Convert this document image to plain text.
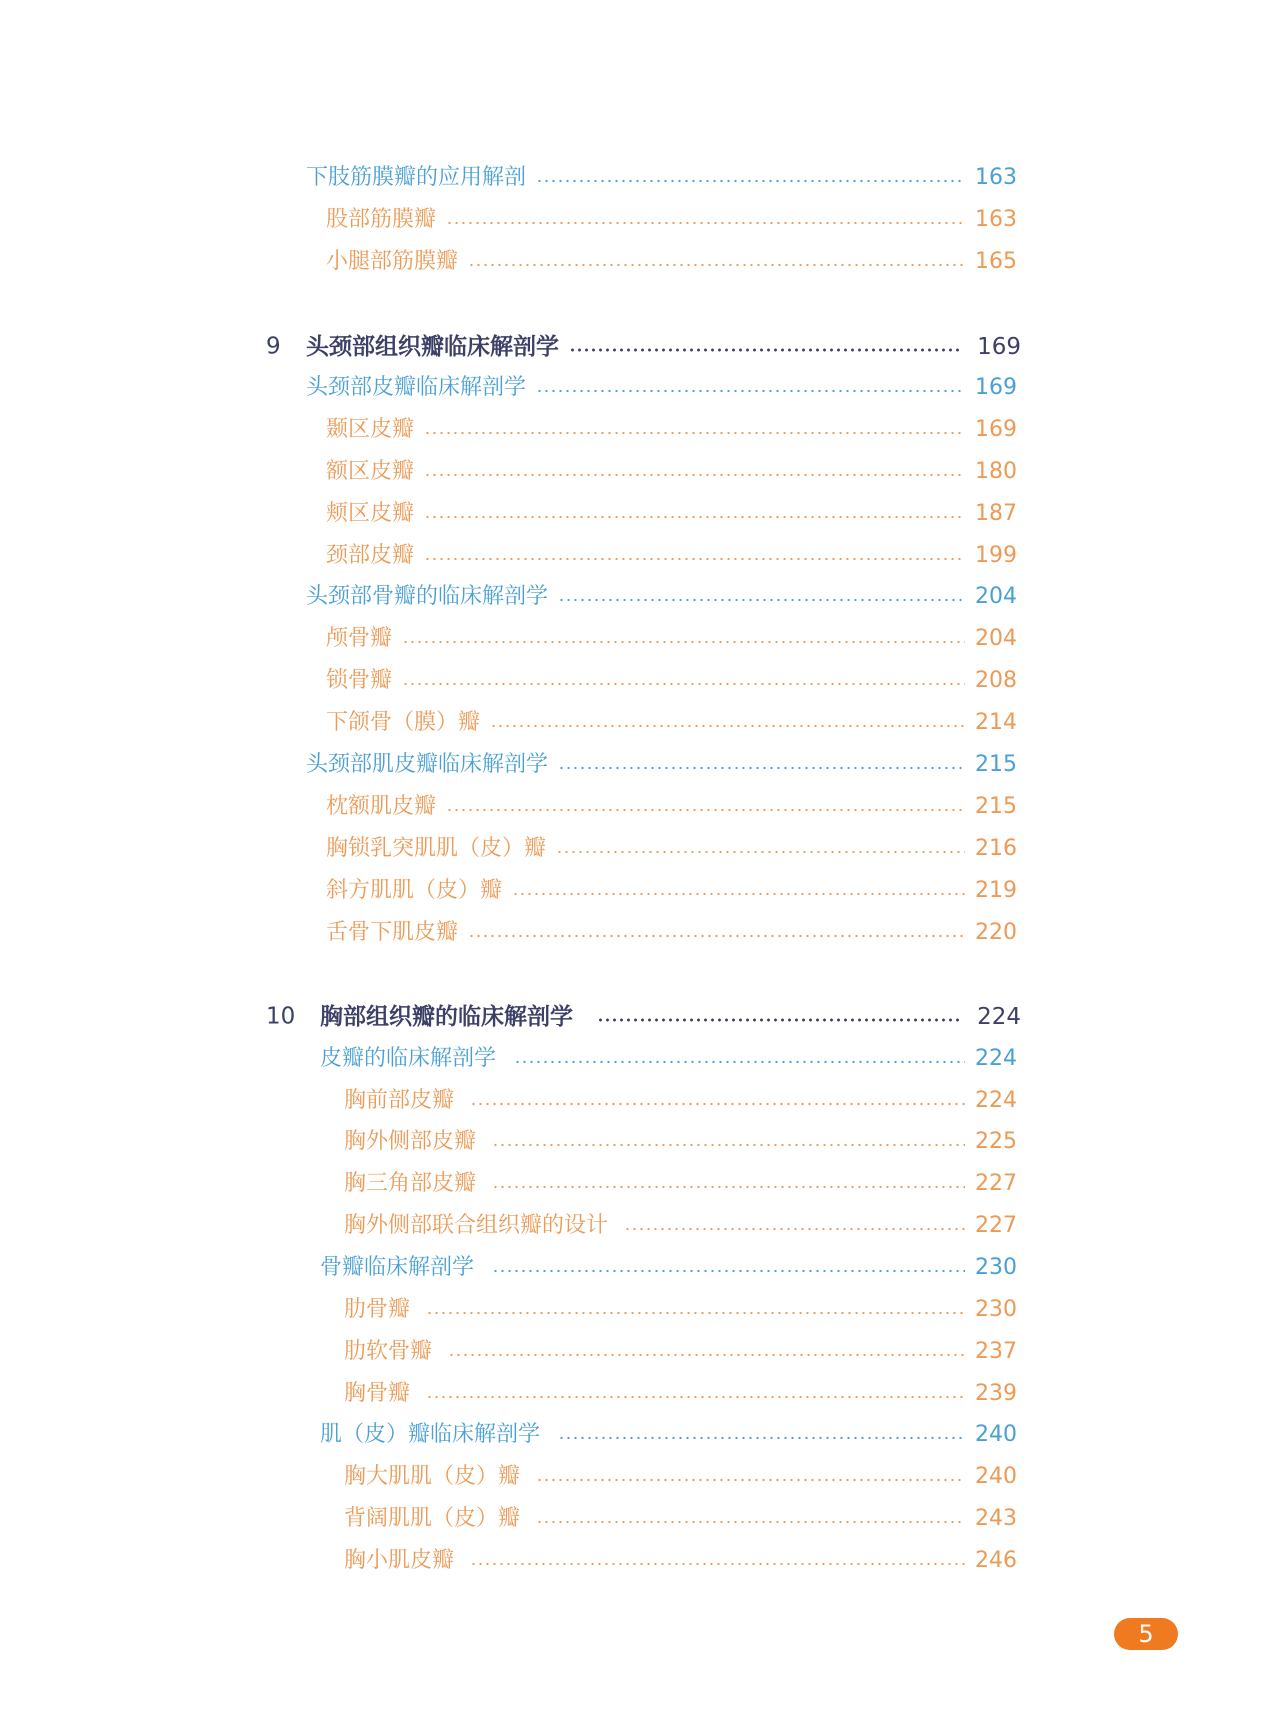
下肢筋膜瓣的应用解剖	163
股部筋膜瓣	163
小腿部筋膜瓣	165
9 头颈部组织瓣临床解剖学	169
头颈部皮瓣临床解剖学	169
颞区皮瓣	169
额区皮瓣	180
颊区皮瓣	187
颈部皮瓣	199
头颈部骨瓣的临床解剖学	204
颅骨瓣	204
锁骨瓣	208
下颌骨（膜）瓣	214
头颈部肌皮瓣临床解剖学	215
枕额肌皮瓣	215
胸锁乳突肌肌（皮）瓣	216
斜方肌肌（皮）瓣	219
舌骨下肌皮瓣	220
10 胸部组织瓣的临床解剖学	224
皮瓣的临床解剖学	224
胸前部皮瓣	224
胸外侧部皮瓣	225
胸三角部皮瓣	227
胸外侧部联合组织瓣的设计	227
骨瓣临床解剖学	230
肋骨瓣	230
肋软骨瓣	237
胸骨瓣	239
肌（皮）瓣临床解剖学	240
胸大肌肌（皮）瓣	240
背阔肌肌（皮）瓣	243
胸小肌皮瓣	246
5
